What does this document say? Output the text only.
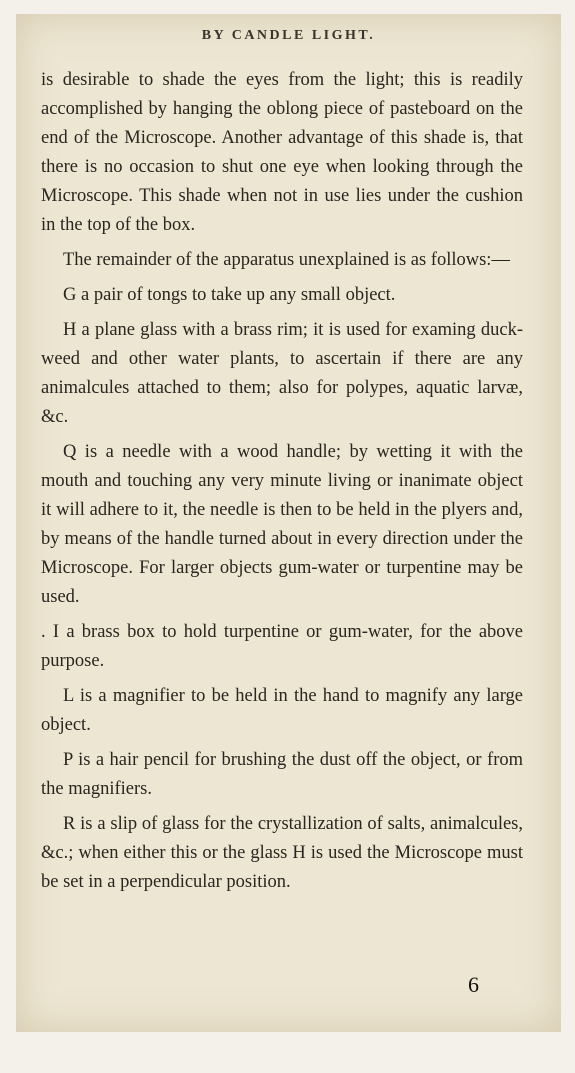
BY CANDLE LIGHT.

is desirable to shade the eyes from the light; this is readily accomplished by hanging the oblong piece of pasteboard on the end of the Microscope. Another advantage of this shade is, that there is no occasion to shut one eye when looking through the Microscope. This shade when not in use lies under the cushion in the top of the box.

The remainder of the apparatus unexplained is as follows:—

G a pair of tongs to take up any small object.

H a plane glass with a brass rim; it is used for examing duck-weed and other water plants, to ascertain if there are any animalcules attached to them; also for polypes, aquatic larvæ, &c.

Q is a needle with a wood handle; by wetting it with the mouth and touching any very minute living or inanimate object it will adhere to it, the needle is then to be held in the plyers and, by means of the handle turned about in every direction under the Microscope. For larger objects gum-water or turpentine may be used.

. I a brass box to hold turpentine or gum-water, for the above purpose.

L is a magnifier to be held in the hand to magnify any large object.

P is a hair pencil for brushing the dust off the object, or from the magnifiers.

R is a slip of glass for the crystallization of salts, animalcules, &c.; when either this or the glass H is used the Microscope must be set in a perpendicular position.

6
